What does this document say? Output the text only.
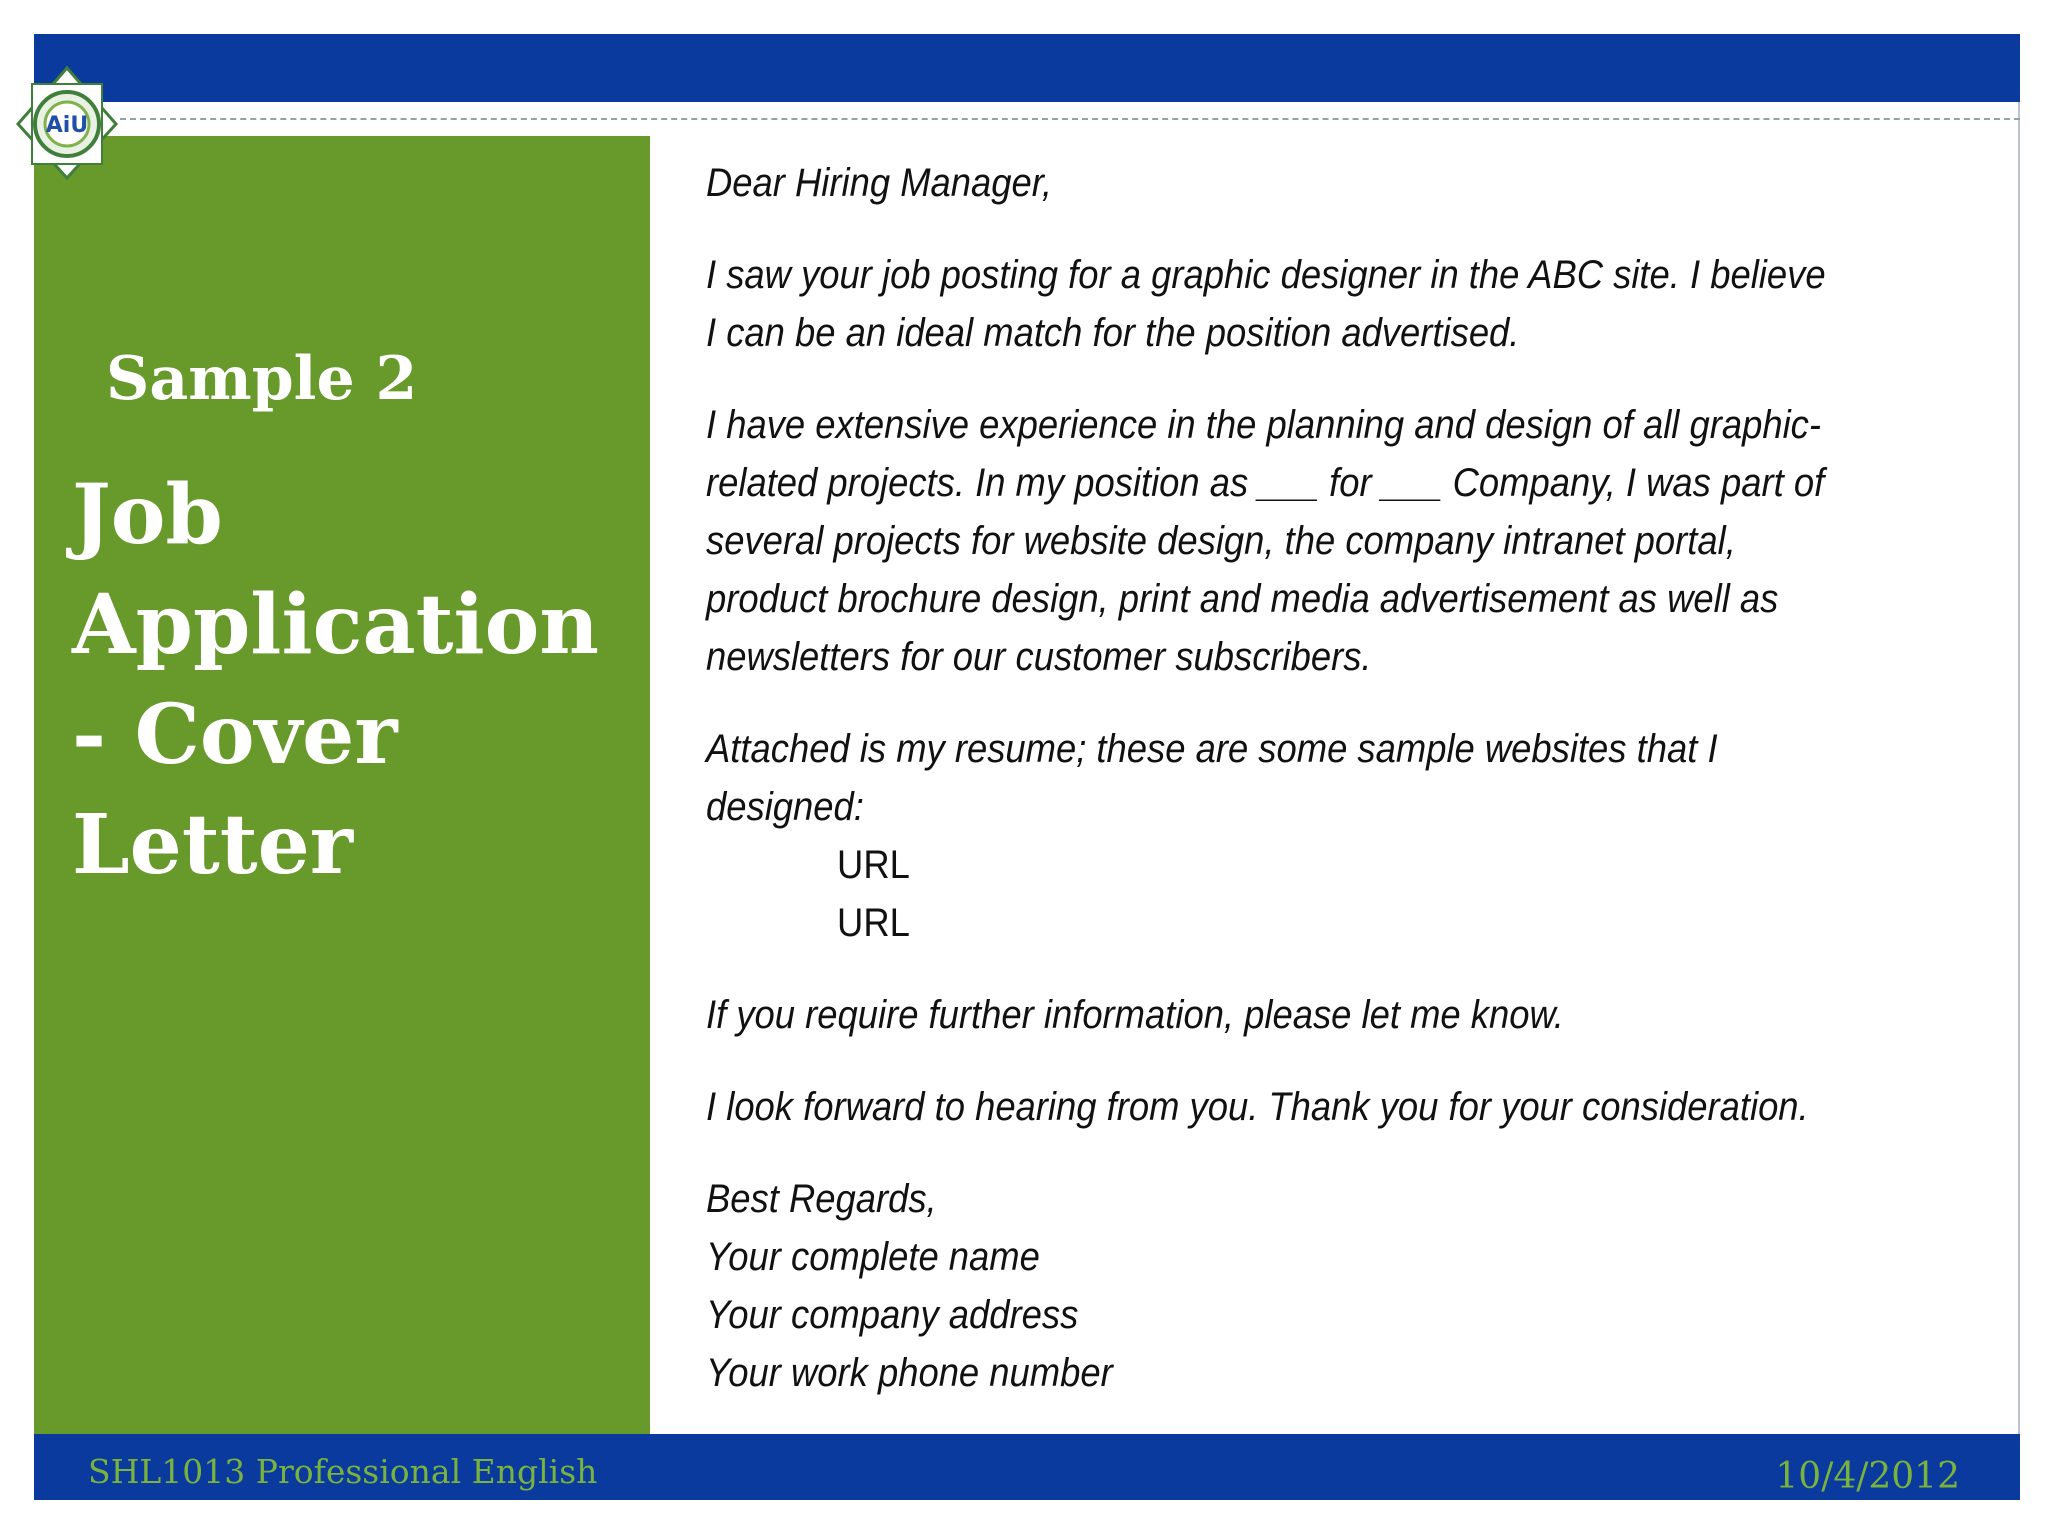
AiU
Sample 2
Job
Application
- Cover
Letter

Dear Hiring Manager,

I saw your job posting for a graphic designer in the ABC site. I believe
I can be an ideal match for the position advertised.

I have extensive experience in the planning and design of all graphic-
related projects. In my position as ___ for ___ Company, I was part of
several projects for website design, the company intranet portal,
product brochure design, print and media advertisement as well as
newsletters for our customer subscribers.

Attached is my resume; these are some sample websites that I
designed:
URL
URL

If you require further information, please let me know.

I look forward to hearing from you. Thank you for your consideration.

Best Regards,
Your complete name
Your company address
Your work phone number

SHL1013 Professional English	10/4/2012
